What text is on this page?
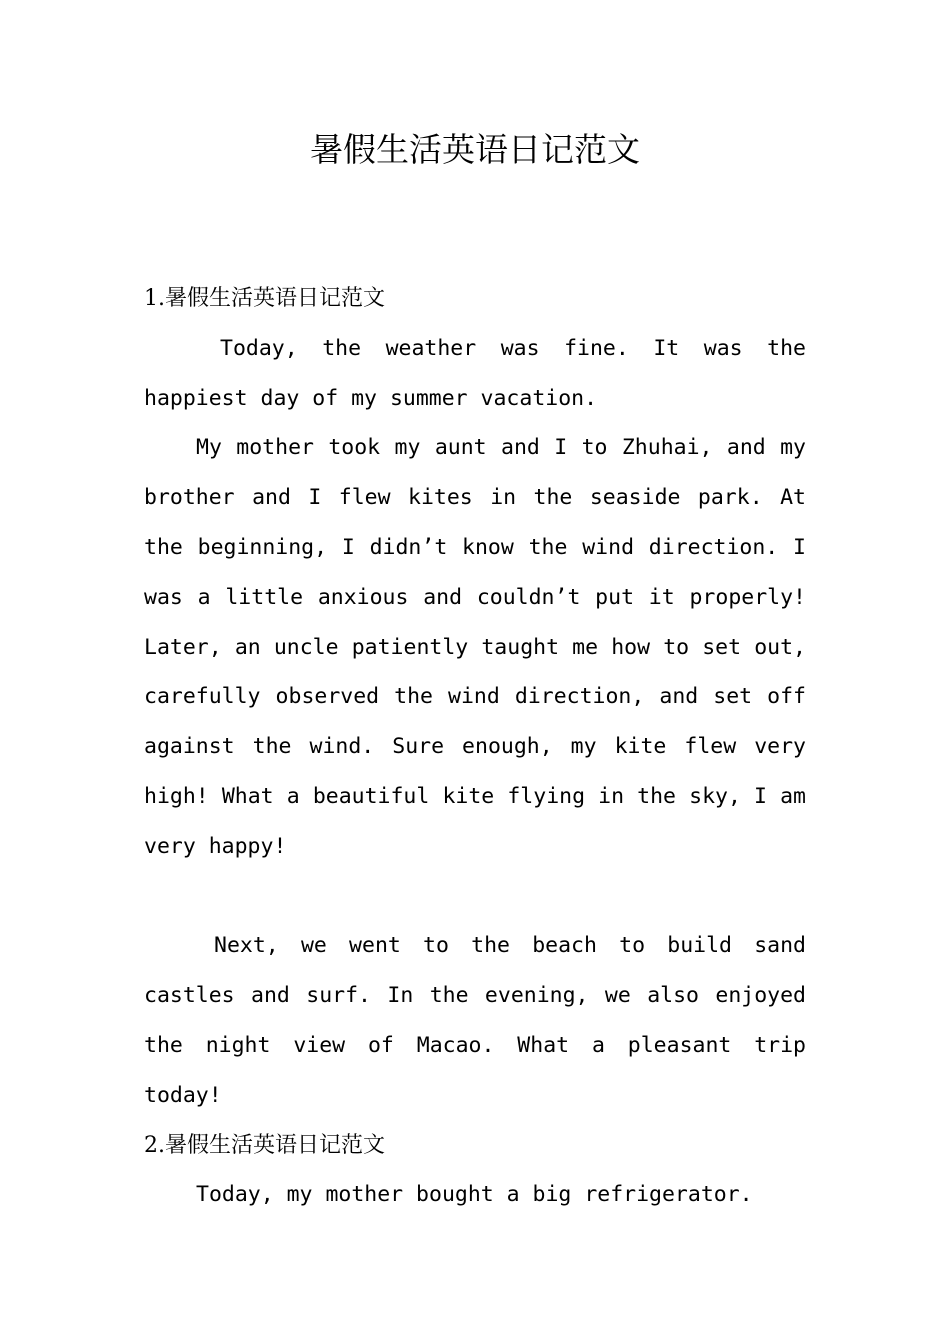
暑假生活英语日记范文

1.暑假生活英语日记范文

Today, the weather was fine. It was the happiest day of my summer vacation.

My mother took my aunt and I to Zhuhai, and my brother and I flew kites in the seaside park. At the beginning, I didn’t know the wind direction. I was a little anxious and couldn’t put it properly! Later, an uncle patiently taught me how to set out, carefully observed the wind direction, and set off against the wind. Sure enough, my kite flew very high! What a beautiful kite flying in the sky, I am very happy!

Next, we went to the beach to build sand castles and surf. In the evening, we also enjoyed the night view of Macao. What a pleasant trip today!

2.暑假生活英语日记范文

Today, my mother bought a big refrigerator.
